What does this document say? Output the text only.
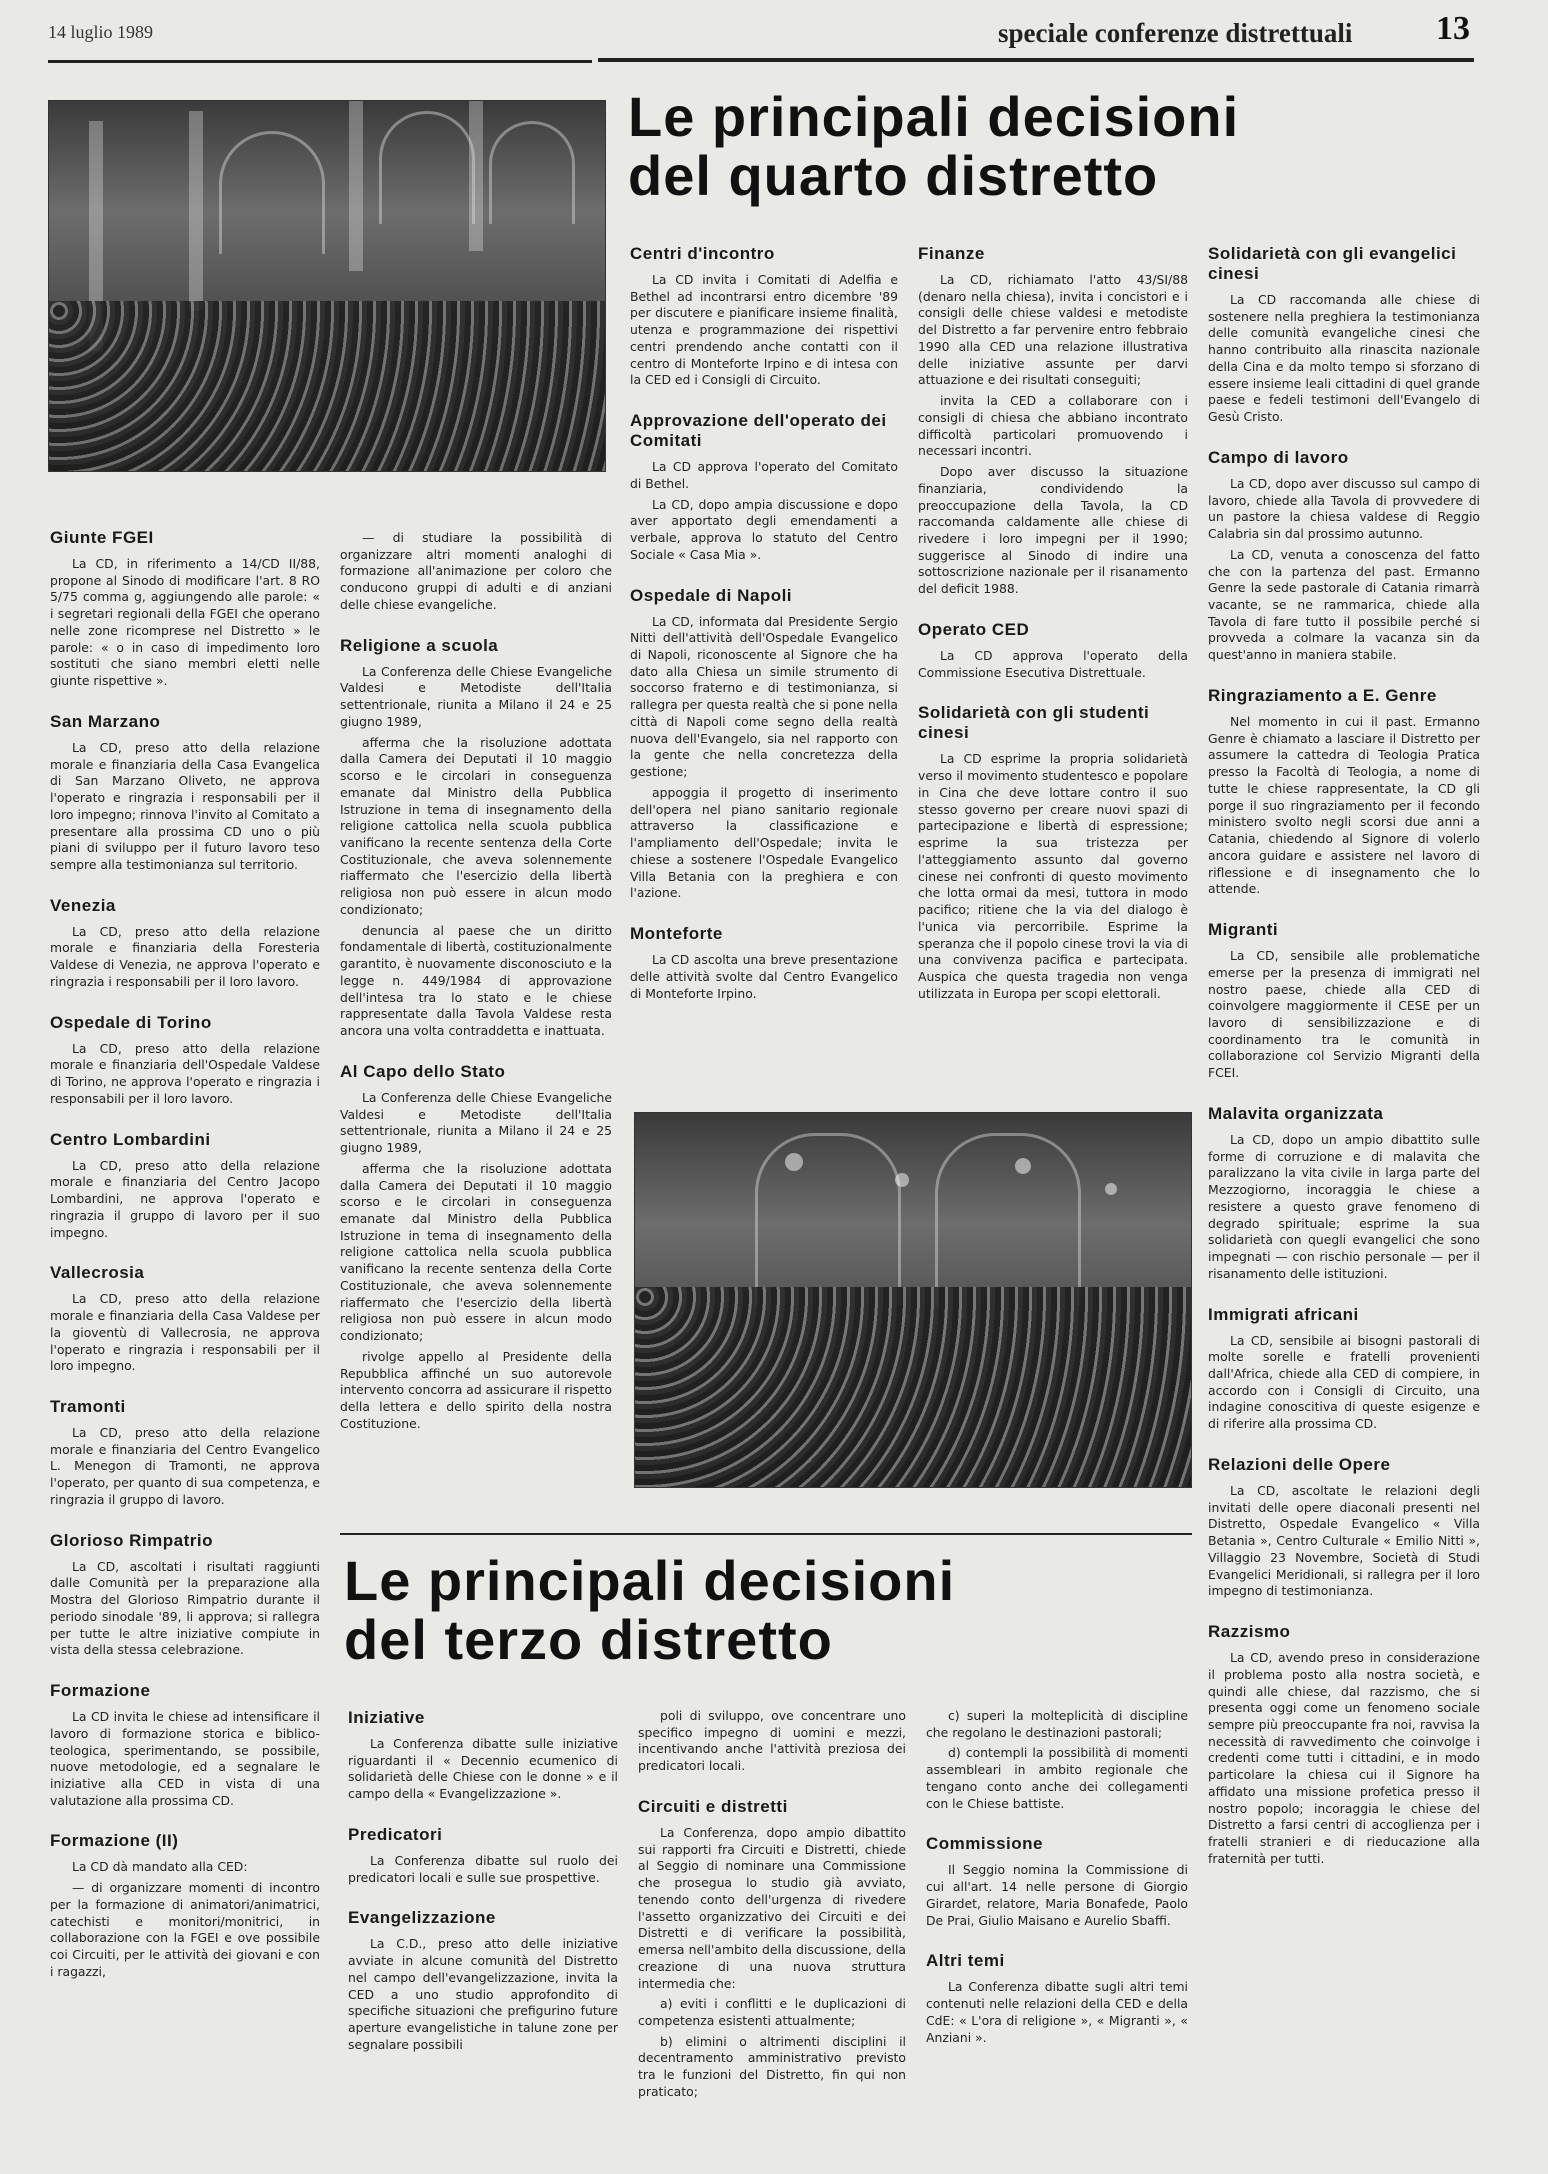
14 luglio 1989	speciale conferenze distrettuali 13
Le principali decisioni
del quarto distretto
Giunte FGEI

La CD, in riferimento a 14/CD II/88, propone al Sinodo di modificare l'art. 8 RO 5/75 comma g, aggiungendo alle parole: « i segretari regionali della FGEI che operano nelle zone ricomprese nel Distretto » le parole: « o in caso di impedimento loro sostituti che siano membri eletti nelle giunte rispettive ».

San Marzano

La CD, preso atto della relazione morale e finanziaria della Casa Evangelica di San Marzano Oliveto, ne approva l'operato e ringrazia i responsabili per il loro impegno; rinnova l'invito al Comitato a presentare alla prossima CD uno o più piani di sviluppo per il futuro lavoro teso sempre alla testimonianza sul territorio.

Venezia

La CD, preso atto della relazione morale e finanziaria della Foresteria Valdese di Venezia, ne approva l'operato e ringrazia i responsabili per il loro lavoro.

Ospedale di Torino

La CD, preso atto della relazione morale e finanziaria dell'Ospedale Valdese di Torino, ne approva l'operato e ringrazia i responsabili per il loro lavoro.

Centro Lombardini

La CD, preso atto della relazione morale e finanziaria del Centro Jacopo Lombardini, ne approva l'operato e ringrazia il gruppo di lavoro per il suo impegno.

Vallecrosia

La CD, preso atto della relazione morale e finanziaria della Casa Valdese per la gioventù di Vallecrosia, ne approva l'operato e ringrazia i responsabili per il loro impegno.

Tramonti

La CD, preso atto della relazione morale e finanziaria del Centro Evangelico L. Menegon di Tramonti, ne approva l'operato, per quanto di sua competenza, e ringrazia il gruppo di lavoro.

Glorioso Rimpatrio

La CD, ascoltati i risultati raggiunti dalle Comunità per la preparazione alla Mostra del Glorioso Rimpatrio durante il periodo sinodale '89, li approva; si rallegra per tutte le altre iniziative compiute in vista della stessa celebrazione.

Formazione

La CD invita le chiese ad intensificare il lavoro di formazione storica e biblico-teologica, sperimentando, se possibile, nuove metodologie, ed a segnalare le iniziative alla CED in vista di una valutazione alla prossima CD.

Formazione (II)

La CD dà mandato alla CED:

— di organizzare momenti di incontro per la formazione di animatori/animatrici, catechisti e monitori/monitrici, in collaborazione con la FGEI e ove possibile coi Circuiti, per le attività dei giovani e con i ragazzi,

— di studiare la possibilità di organizzare altri momenti analoghi di formazione all'animazione per coloro che conducono gruppi di adulti e di anziani delle chiese evangeliche.

Religione a scuola

La Conferenza delle Chiese Evangeliche Valdesi e Metodiste dell'Italia settentrionale, riunita a Milano il 24 e 25 giugno 1989,

afferma che la risoluzione adottata dalla Camera dei Deputati il 10 maggio scorso e le circolari in conseguenza emanate dal Ministro della Pubblica Istruzione in tema di insegnamento della religione cattolica nella scuola pubblica vanificano la recente sentenza della Corte Costituzionale, che aveva solennemente riaffermato che l'esercizio della libertà religiosa non può essere in alcun modo condizionato;

denuncia al paese che un diritto fondamentale di libertà, costituzionalmente garantito, è nuovamente disconosciuto e la legge n. 449/1984 di approvazione dell'intesa tra lo stato e le chiese rappresentate dalla Tavola Valdese resta ancora una volta contraddetta e inattuata.

Al Capo dello Stato

La Conferenza delle Chiese Evangeliche Valdesi e Metodiste dell'Italia settentrionale, riunita a Milano il 24 e 25 giugno 1989,

afferma che la risoluzione adottata dalla Camera dei Deputati il 10 maggio scorso e le circolari in conseguenza emanate dal Ministro della Pubblica Istruzione in tema di insegnamento della religione cattolica nella scuola pubblica vanificano la recente sentenza della Corte Costituzionale, che aveva solennemente riaffermato che l'esercizio della libertà religiosa non può essere in alcun modo condizionato;

rivolge appello al Presidente della Repubblica affinché un suo autorevole intervento concorra ad assicurare il rispetto della lettera e dello spirito della nostra Costituzione.

Centri d'incontro

La CD invita i Comitati di Adelfia e Bethel ad incontrarsi entro dicembre '89 per discutere e pianificare insieme finalità, utenza e programmazione dei rispettivi centri prendendo anche contatti con il centro di Monteforte Irpino e di intesa con la CED ed i Consigli di Circuito.

Approvazione dell'operato dei Comitati

La CD approva l'operato del Comitato di Bethel.

La CD, dopo ampia discussione e dopo aver apportato degli emendamenti a verbale, approva lo statuto del Centro Sociale « Casa Mia ».

Ospedale di Napoli

La CD, informata dal Presidente Sergio Nitti dell'attività dell'Ospedale Evangelico di Napoli, riconoscente al Signore che ha dato alla Chiesa un simile strumento di soccorso fraterno e di testimonianza, si rallegra per questa realtà che si pone nella città di Napoli come segno della realtà nuova dell'Evangelo, sia nel rapporto con la gente che nella concretezza della gestione;

appoggia il progetto di inserimento dell'opera nel piano sanitario regionale attraverso la classificazione e l'ampliamento dell'Ospedale; invita le chiese a sostenere l'Ospedale Evangelico Villa Betania con la preghiera e con l'azione.

Monteforte

La CD ascolta una breve presentazione delle attività svolte dal Centro Evangelico di Monteforte Irpino.

Finanze

La CD, richiamato l'atto 43/SI/88 (denaro nella chiesa), invita i concistori e i consigli delle chiese valdesi e metodiste del Distretto a far pervenire entro febbraio 1990 alla CED una relazione illustrativa delle iniziative assunte per darvi attuazione e dei risultati conseguiti;

invita la CED a collaborare con i consigli di chiesa che abbiano incontrato difficoltà particolari promuovendo i necessari incontri.

Dopo aver discusso la situazione finanziaria, condividendo la preoccupazione della Tavola, la CD raccomanda caldamente alle chiese di rivedere i loro impegni per il 1990; suggerisce al Sinodo di indire una sottoscrizione nazionale per il risanamento del deficit 1988.

Operato CED

La CD approva l'operato della Commissione Esecutiva Distrettuale.

Solidarietà con gli studenti cinesi

La CD esprime la propria solidarietà verso il movimento studentesco e popolare in Cina che deve lottare contro il suo stesso governo per creare nuovi spazi di partecipazione e libertà di espressione; esprime la sua tristezza per l'atteggiamento assunto dal governo cinese nei confronti di questo movimento che lotta ormai da mesi, tuttora in modo pacifico; ritiene che la via del dialogo è l'unica via percorribile. Esprime la speranza che il popolo cinese trovi la via di una convivenza pacifica e partecipata. Auspica che questa tragedia non venga utilizzata in Europa per scopi elettorali.

Solidarietà con gli evangelici cinesi

La CD raccomanda alle chiese di sostenere nella preghiera la testimonianza delle comunità evangeliche cinesi che hanno contribuito alla rinascita nazionale della Cina e da molto tempo si sforzano di essere insieme leali cittadini di quel grande paese e fedeli testimoni dell'Evangelo di Gesù Cristo.

Campo di lavoro

La CD, dopo aver discusso sul campo di lavoro, chiede alla Tavola di provvedere di un pastore la chiesa valdese di Reggio Calabria sin dal prossimo autunno.

La CD, venuta a conoscenza del fatto che con la partenza del past. Ermanno Genre la sede pastorale di Catania rimarrà vacante, se ne rammarica, chiede alla Tavola di fare tutto il possibile perché si provveda a colmare la vacanza sin da quest'anno in maniera stabile.

Ringraziamento a E. Genre

Nel momento in cui il past. Ermanno Genre è chiamato a lasciare il Distretto per assumere la cattedra di Teologia Pratica presso la Facoltà di Teologia, a nome di tutte le chiese rappresentate, la CD gli porge il suo ringraziamento per il fecondo ministero svolto negli scorsi due anni a Catania, chiedendo al Signore di volerlo ancora guidare e assistere nel lavoro di riflessione e di insegnamento che lo attende.

Migranti

La CD, sensibile alle problematiche emerse per la presenza di immigrati nel nostro paese, chiede alla CED di coinvolgere maggiormente il CESE per un lavoro di sensibilizzazione e di coordinamento tra le comunità in collaborazione col Servizio Migranti della FCEI.

Malavita organizzata

La CD, dopo un ampio dibattito sulle forme di corruzione e di malavita che paralizzano la vita civile in larga parte del Mezzogiorno, incoraggia le chiese a resistere a questo grave fenomeno di degrado spirituale; esprime la sua solidarietà con quegli evangelici che sono impegnati — con rischio personale — per il risanamento delle istituzioni.

Immigrati africani

La CD, sensibile ai bisogni pastorali di molte sorelle e fratelli provenienti dall'Africa, chiede alla CED di compiere, in accordo con i Consigli di Circuito, una indagine conoscitiva di queste esigenze e di riferire alla prossima CD.

Relazioni delle Opere

La CD, ascoltate le relazioni degli invitati delle opere diaconali presenti nel Distretto, Ospedale Evangelico « Villa Betania », Centro Culturale « Emilio Nitti », Villaggio 23 Novembre, Società di Studi Evangelici Meridionali, si rallegra per il loro impegno di testimonianza.

Razzismo

La CD, avendo preso in considerazione il problema posto alla nostra società, e quindi alle chiese, dal razzismo, che si presenta oggi come un fenomeno sociale sempre più preoccupante fra noi, ravvisa la necessità di ravvedimento che coinvolge i credenti come tutti i cittadini, e in modo particolare la chiesa cui il Signore ha affidato una missione profetica presso il nostro popolo; incoraggia le chiese del Distretto a farsi centri di accoglienza per i fratelli stranieri e di rieducazione alla fraternità per tutti.

Le principali decisioni
del terzo distretto
Iniziative

La Conferenza dibatte sulle iniziative riguardanti il « Decennio ecumenico di solidarietà delle Chiese con le donne » e il campo della « Evangelizzazione ».

Predicatori

La Conferenza dibatte sul ruolo dei predicatori locali e sulle sue prospettive.

Evangelizzazione

La C.D., preso atto delle iniziative avviate in alcune comunità del Distretto nel campo dell'evangelizzazione, invita la CED a uno studio approfondito di specifiche situazioni che prefigurino future aperture evangelistiche in talune zone per segnalare possibili

poli di sviluppo, ove concentrare uno specifico impegno di uomini e mezzi, incentivando anche l'attività preziosa dei predicatori locali.

Circuiti e distretti

La Conferenza, dopo ampio dibattito sui rapporti fra Circuiti e Distretti, chiede al Seggio di nominare una Commissione che prosegua lo studio già avviato, tenendo conto dell'urgenza di rivedere l'assetto organizzativo dei Circuiti e dei Distretti e di verificare la possibilità, emersa nell'ambito della discussione, della creazione di una nuova struttura intermedia che:

a) eviti i conflitti e le duplicazioni di competenza esistenti attualmente;

b) elimini o altrimenti disciplini il decentramento amministrativo previsto tra le funzioni del Distretto, fin qui non praticato;

c) superi la molteplicità di discipline che regolano le destinazioni pastorali;

d) contempli la possibilità di momenti assembleari in ambito regionale che tengano conto anche dei collegamenti con le Chiese battiste.

Commissione

Il Seggio nomina la Commissione di cui all'art. 14 nelle persone di Giorgio Girardet, relatore, Maria Bonafede, Paolo De Prai, Giulio Maisano e Aurelio Sbaffi.

Altri temi

La Conferenza dibatte sugli altri temi contenuti nelle relazioni della CED e della CdE: « L'ora di religione », « Migranti », « Anziani ».
